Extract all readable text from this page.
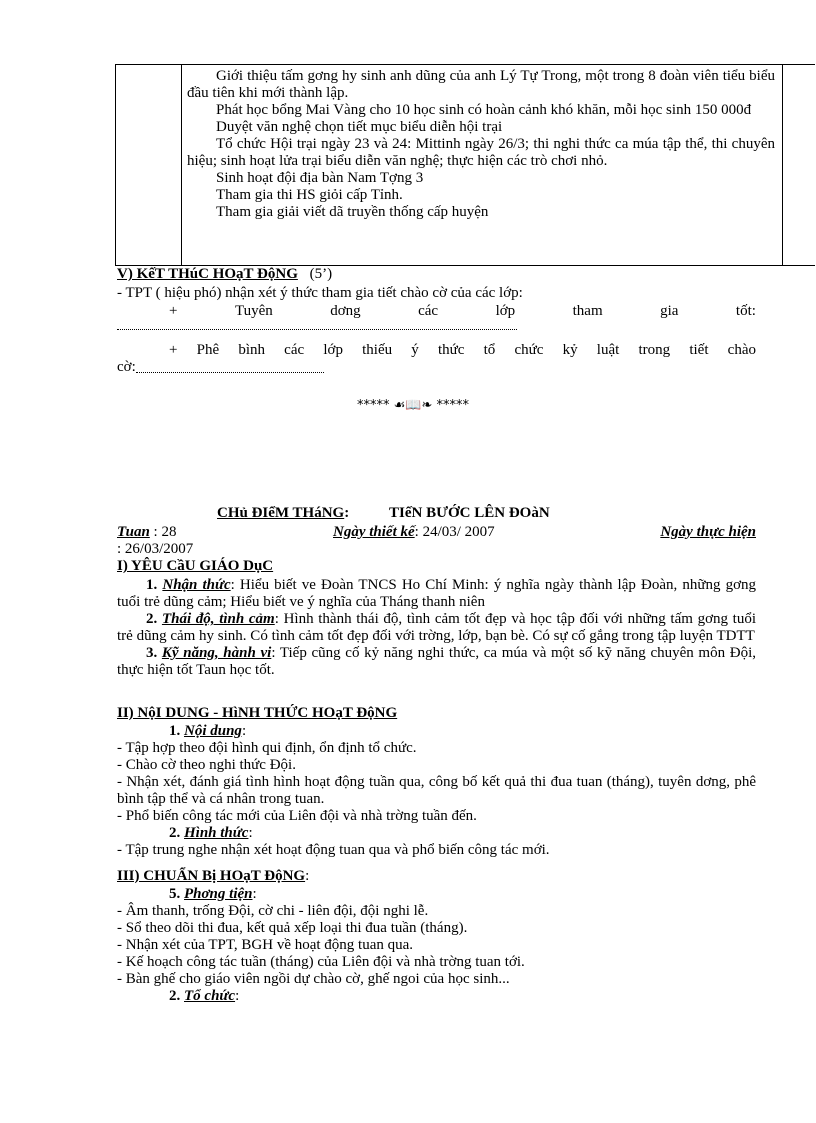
Giới thiệu tấm gơng hy sinh anh dũng của anh Lý Tự Trong, một trong 8 đoàn viên tiểu biểu đầu tiên khi mới thành lập.

Phát học bổng Mai Vàng cho 10 học sinh có hoàn cảnh khó khăn, mỗi học sinh 150 000đ

Duyệt văn nghệ chọn tiết mục biểu diễn hội trại

Tổ chức Hội trại ngày 23 và 24: Mittinh ngày 26/3; thi nghi thức ca múa tập thể, thi chuyên hiệu; sinh hoạt lửa trại biểu diễn văn nghệ; thực hiện các trò chơi nhỏ.

Sinh hoạt đội địa bàn Nam Tợng 3

Tham gia thi HS giỏi cấp Tỉnh.

Tham gia giải viết dã truyền thống cấp huyện

V) KếT THúC HOạT ĐộNG (5’)

- TPT ( hiệu phó) nhận xét ý thức tham gia tiết chào cờ của các lớp:

+	Tuyên	dơng	các	lớp	tham	gia	tốt:

+ Phê bình các lớp thiếu ý thức tổ chức kỷ luật trong tiết chào

cờ:
***** ☙📖❧ *****
CHủ ĐIểM THáNG:	TIếN BƯỚC LÊN ĐOàN
Tuan : 28	Ngày thiết kế: 24/03/ 2007	Ngày thực hiện
: 26/03/2007
I) YÊU CầU GIÁO DụC

1. Nhận thức: Hiểu biết ve Đoàn TNCS Ho Chí Minh: ý nghĩa ngày thành lập Đoàn, những gơng tuổi trẻ dũng cảm; Hiểu biết ve ý nghĩa của Tháng thanh niên

2. Thái độ, tình cảm: Hình thành thái độ, tình cảm tốt đẹp và học tập đối với những tấm gơng tuổi trẻ dũng cảm hy sinh. Có tình cảm tốt đẹp đối với trờng, lớp, bạn bè. Có sự cố gắng trong tập luyện TDTT

3. Kỹ năng, hành vi: Tiếp cũng cố kỷ năng nghi thức, ca múa và một số kỹ năng chuyên môn Đội, thực hiện tốt Taun học tốt.

II) NộI DUNG - HìNH THỨC HOạT ĐộNG

1. Nội dung:

- Tập hợp theo đội hình qui định, ổn định tổ chức.

- Chào cờ theo nghi thức Đội.

- Nhận xét, đánh giá tình hình hoạt động tuần qua, công bố kết quả thi đua tuan (tháng), tuyên dơng, phê bình tập thể và cá nhân trong tuan.

- Phổ biến công tác mới của Liên đội và nhà trờng tuần đến.

2. Hình thức:

- Tập trung nghe nhận xét hoạt động tuan qua và phổ biến công tác mới.

III) CHUẨN Bị HOạT ĐộNG:

5. Phơng tiện:

- Âm thanh, trống Đội, cờ chi - liên đội, đội nghi lễ.

- Sổ theo dõi thi đua, kết quả xếp loại thi đua tuần (tháng).

- Nhận xét của TPT, BGH về hoạt động tuan qua.

- Kế hoạch công tác tuần (tháng) của Liên đội và nhà trờng tuan tới.

- Bàn ghế cho giáo viên ngồi dự chào cờ, ghế ngoi của học sinh...

2. Tổ chức:
